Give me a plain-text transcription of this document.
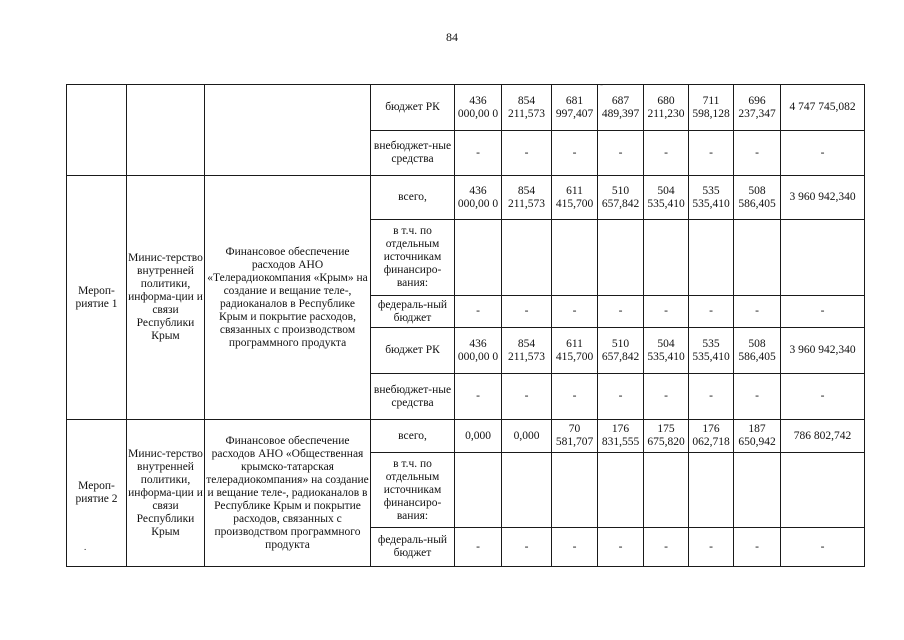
84
-
.
			бюджет РК	436 000,00 0	854 211,573	681 997,407	687 489,397	680 211,230	711 598,128	696 237,347	4 747 745,082
			внебюджет-ные средства	-	-	-	-	-	-	-	-
Мероп-риятие 1	Минис-терство внутренней политики, информа-ции и связи Республики Крым	Финансовое обеспечение расходов АНО «Телерадиокомпания «Крым» на создание и вещание теле-, радиоканалов в Республике Крым и покрытие расходов, связанных с производством программного продукта	всего,	436 000,00 0	854 211,573	611 415,700	510 657,842	504 535,410	535 535,410	508 586,405	3 960 942,340
			в т.ч. по отдельным источникам финансиро-вания:								
			федераль-ный бюджет	-	-	-	-	-	-	-	-
			бюджет РК	436 000,00 0	854 211,573	611 415,700	510 657,842	504 535,410	535 535,410	508 586,405	3 960 942,340
			внебюджет-ные средства	-	-	-	-	-	-	-	-
Мероп-риятие 2	Минис-терство внутренней политики, информа-ции и связи Республики Крым	Финансовое обеспечение расходов АНО «Общественная крымско-татарская телерадиокомпания» на создание и вещание теле-, радиоканалов в Республике Крым и покрытие расходов, связанных с производством программного продукта	всего,	0,000	0,000	70 581,707	176 831,555	175 675,820	176 062,718	187 650,942	786 802,742
			в т.ч. по отдельным источникам финансиро-вания:								
			федераль-ный бюджет	-	-	-	-	-	-	-	-
